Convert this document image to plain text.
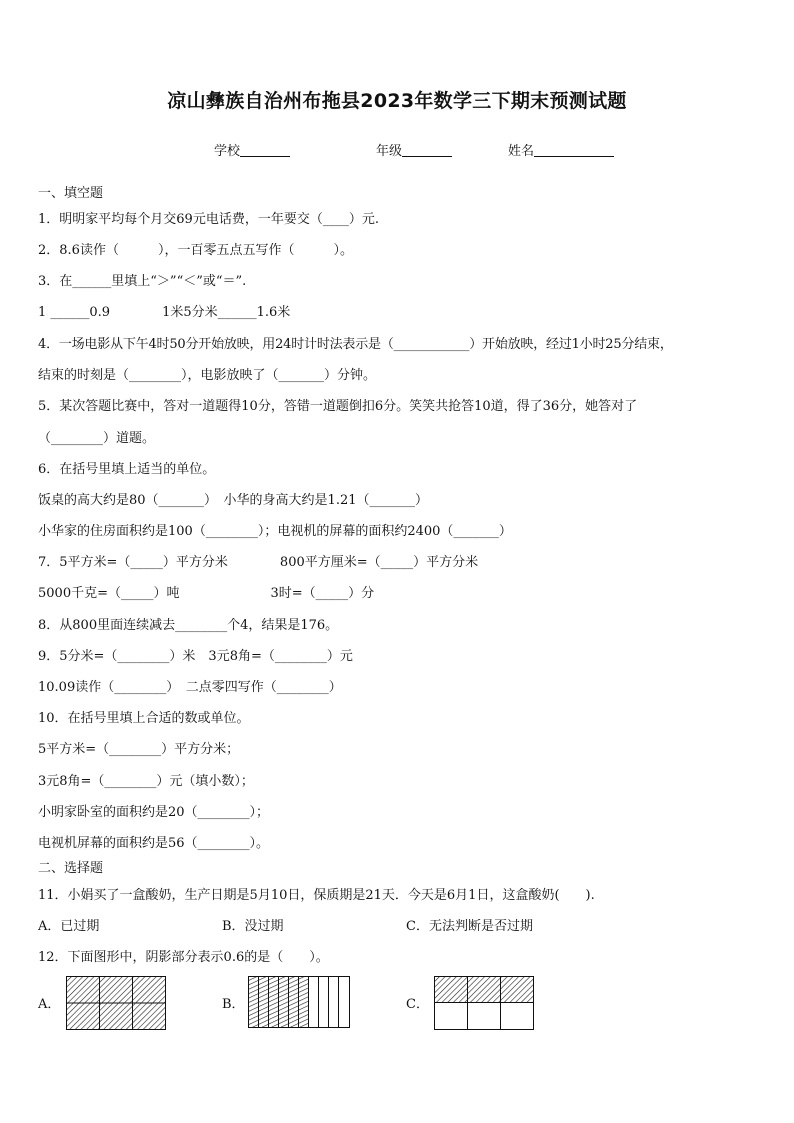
凉山彝族自治州布拖县2023年数学三下期末预测试题
学校	年级	姓名
一、填空题
1．明明家平均每个月交69元电话费，一年要交（____）元.
2．8.6读作（　　　），一百零五点五写作（　　　）。
3．在______里填上“＞”“＜”或“＝”.
1 ______0.9　　　　1米5分米______1.6米
4．一场电影从下午4时50分开始放映，用24时计时法表示是（____________）开始放映，经过1小时25分结束，
结束的时刻是（________），电影放映了（_______）分钟。
5．某次答题比赛中，答对一道题得10分，答错一道题倒扣6分。笑笑共抢答10道，得了36分，她答对了
（________）道题。
6．在括号里填上适当的单位。
饭桌的高大约是80（_______）　小华的身高大约是1.21（_______）
小华家的住房面积约是100（________）；电视机的屏幕的面积约2400（_______）
7．5平方米=（_____）平方分米　　　　800平方厘米=（_____）平方分米
5000千克=（_____）吨　　　　　　　3时=（_____）分
8．从800里面连续减去________个4，结果是176。
9．5分米=（________）米　3元8角=（________）元
10.09读作（________）　二点零四写作（________）
10．在括号里填上合适的数或单位。
5平方米=（________）平方分米；
3元8角=（________）元（填小数）；
小明家卧室的面积约是20（________）；
电视机屏幕的面积约是56（________）。
二、选择题
11．小娟买了一盒酸奶，生产日期是5月10日，保质期是21天．今天是6月1日，这盒酸奶(　　).
A．已过期	B．没过期	C．无法判断是否过期
12．下面图形中，阴影部分表示0.6的是（　　）。
A．	B．	C．
